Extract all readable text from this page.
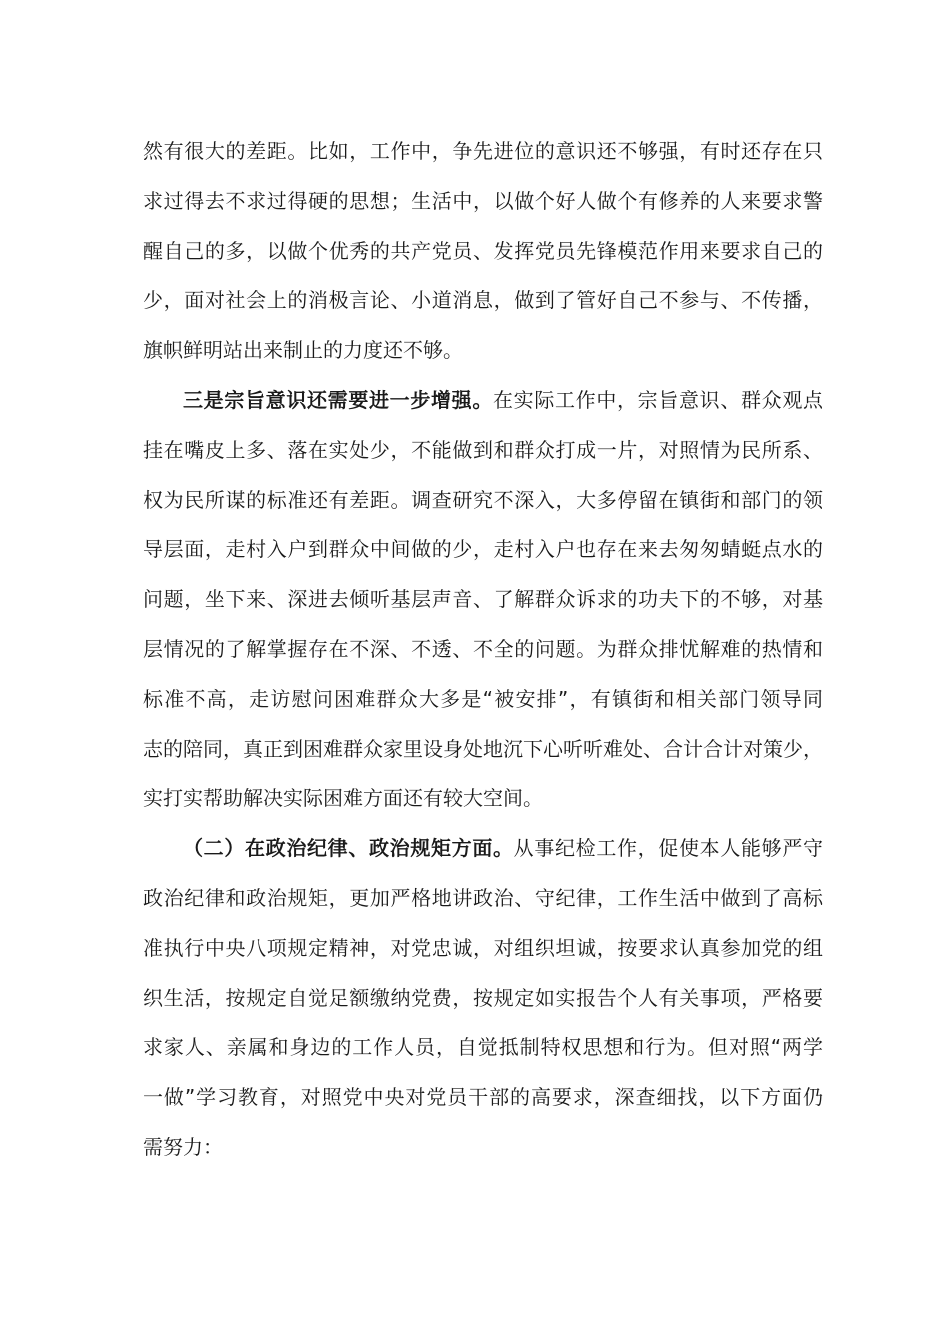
然有很大的差距。比如，工作中，争先进位的意识还不够强，有时还存在只
求过得去不求过得硬的思想；生活中，以做个好人做个有修养的人来要求警
醒自己的多，以做个优秀的共产党员、发挥党员先锋模范作用来要求自己的
少，面对社会上的消极言论、小道消息，做到了管好自己不参与、不传播，
旗帜鲜明站出来制止的力度还不够。
三是宗旨意识还需要进一步增强。在实际工作中，宗旨意识、群众观点
挂在嘴皮上多、落在实处少，不能做到和群众打成一片，对照情为民所系、
权为民所谋的标准还有差距。调查研究不深入，大多停留在镇街和部门的领
导层面，走村入户到群众中间做的少，走村入户也存在来去匆匆蜻蜓点水的
问题，坐下来、深进去倾听基层声音、了解群众诉求的功夫下的不够，对基
层情况的了解掌握存在不深、不透、不全的问题。为群众排忧解难的热情和
标准不高，走访慰问困难群众大多是“被安排”，有镇街和相关部门领导同
志的陪同，真正到困难群众家里设身处地沉下心听听难处、合计合计对策少，
实打实帮助解决实际困难方面还有较大空间。
（二）在政治纪律、政治规矩方面。从事纪检工作，促使本人能够严守
政治纪律和政治规矩，更加严格地讲政治、守纪律，工作生活中做到了高标
准执行中央八项规定精神，对党忠诚，对组织坦诚，按要求认真参加党的组
织生活，按规定自觉足额缴纳党费，按规定如实报告个人有关事项，严格要
求家人、亲属和身边的工作人员，自觉抵制特权思想和行为。但对照“两学
一做”学习教育，对照党中央对党员干部的高要求，深查细找，以下方面仍
需努力：
